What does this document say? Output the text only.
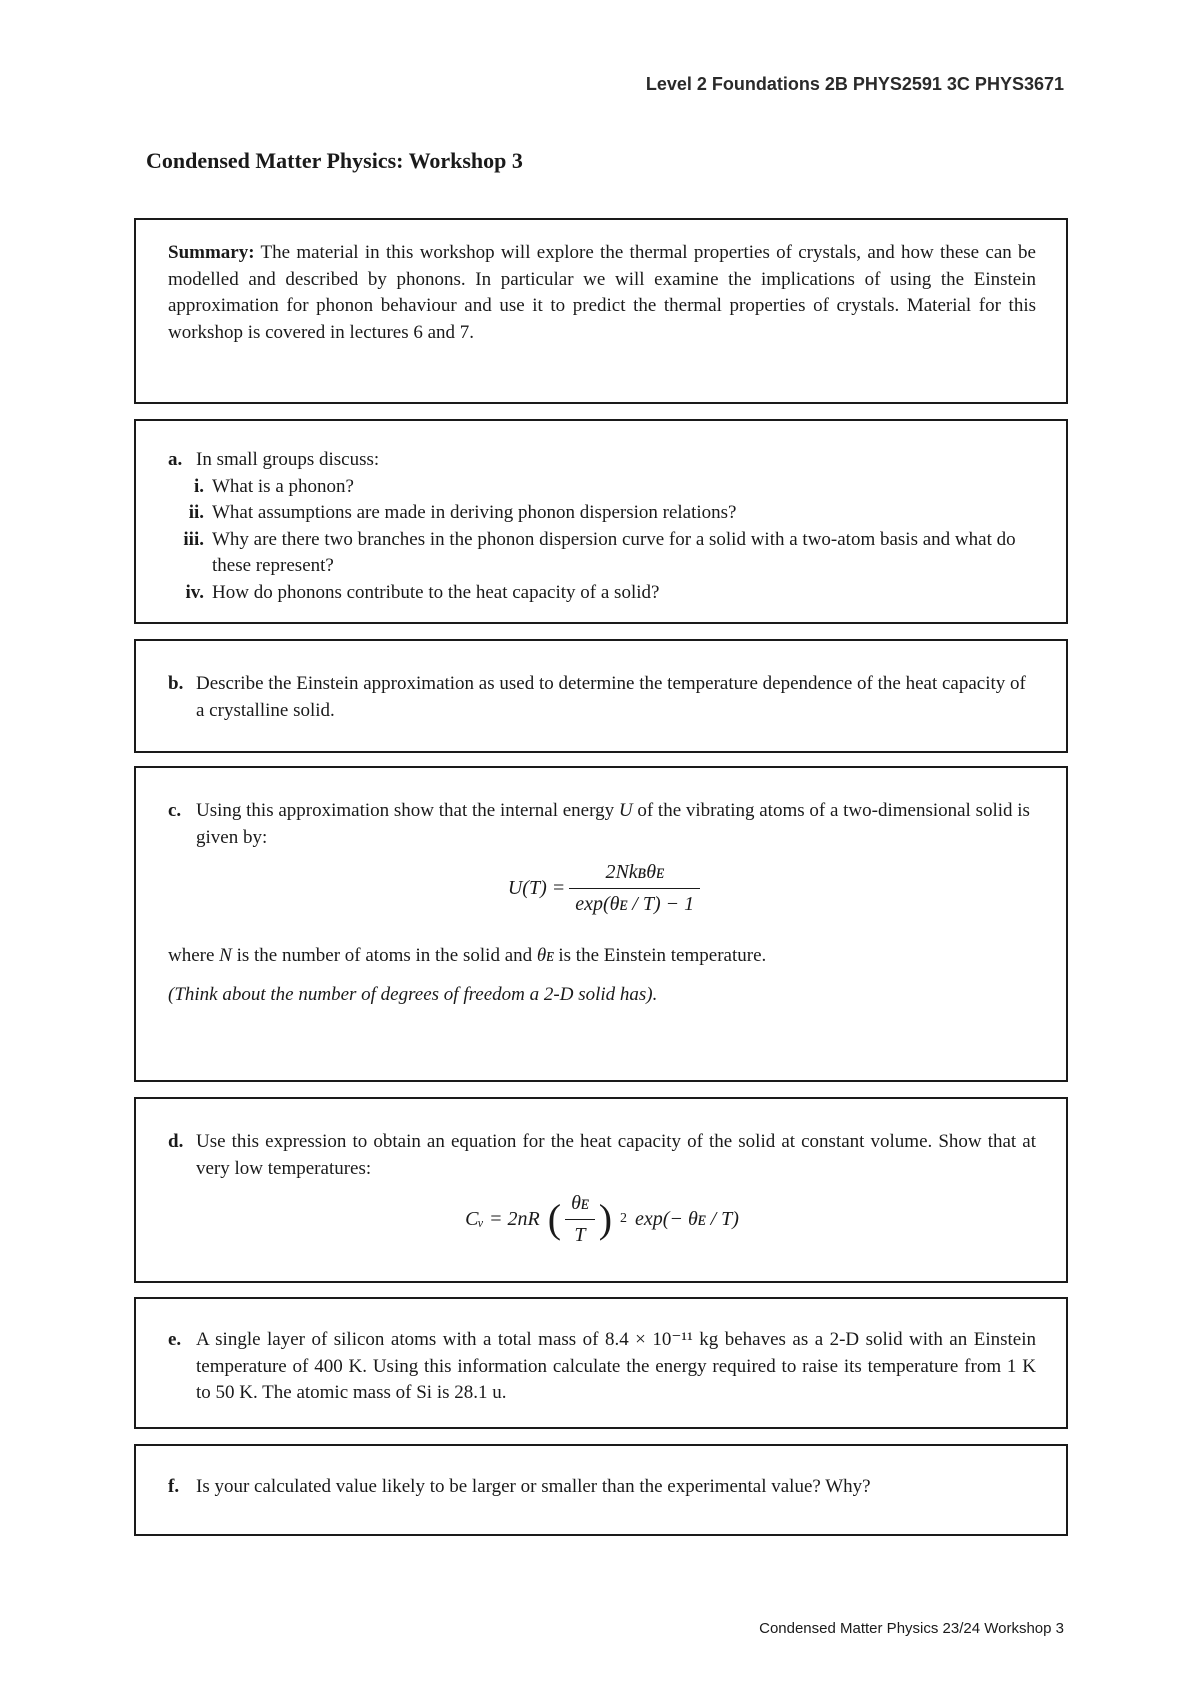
Level 2 Foundations 2B PHYS2591 3C PHYS3671
Condensed Matter Physics: Workshop 3
Summary: The material in this workshop will explore the thermal properties of crystals, and how these can be modelled and described by phonons. In particular we will examine the implications of using the Einstein approximation for phonon behaviour and use it to predict the thermal properties of crystals. Material for this workshop is covered in lectures 6 and 7.
a. In small groups discuss:
i. What is a phonon?
ii. What assumptions are made in deriving phonon dispersion relations?
iii. Why are there two branches in the phonon dispersion curve for a solid with a two-atom basis and what do these represent?
iv. How do phonons contribute to the heat capacity of a solid?
b. Describe the Einstein approximation as used to determine the temperature dependence of the heat capacity of a crystalline solid.
c. Using this approximation show that the internal energy U of the vibrating atoms of a two-dimensional solid is given by:
U(T) =	2Nkʙθᴇ
exp(θᴇ / T) − 1
where N is the number of atoms in the solid and θᴇ is the Einstein temperature.
(Think about the number of degrees of freedom a 2-D solid has).
d. Use this expression to obtain an equation for the heat capacity of the solid at constant volume. Show that at very low temperatures:
Cᵥ = 2nR	(	θᴇ	)	2	exp(− θᴇ / T)
T
e. A single layer of silicon atoms with a total mass of 8.4 × 10⁻¹¹ kg behaves as a 2-D solid with an Einstein temperature of 400 K. Using this information calculate the energy required to raise its temperature from 1 K to 50 K. The atomic mass of Si is 28.1 u.
f. Is your calculated value likely to be larger or smaller than the experimental value? Why?
Condensed Matter Physics 23/24 Workshop 3
